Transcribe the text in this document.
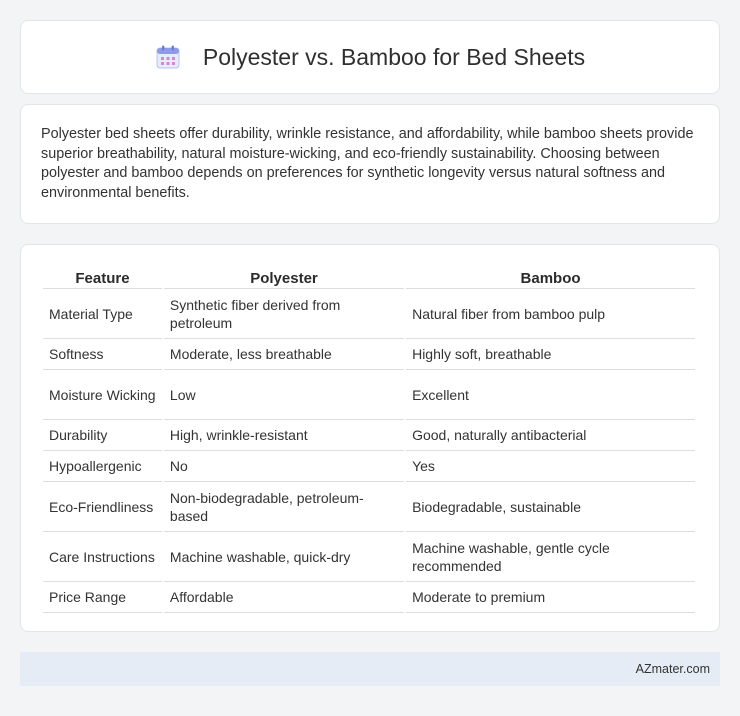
Polyester vs. Bamboo for Bed Sheets

Polyester bed sheets offer durability, wrinkle resistance, and affordability, while bamboo sheets provide superior breathability, natural moisture-wicking, and eco-friendly sustainability. Choosing between polyester and bamboo depends on preferences for synthetic longevity versus natural softness and environmental benefits.

Feature	Polyester	Bamboo
Material Type	Synthetic fiber derived from petroleum	Natural fiber from bamboo pulp
Softness	Moderate, less breathable	Highly soft, breathable
Moisture Wicking	Low	Excellent
Durability	High, wrinkle-resistant	Good, naturally antibacterial
Hypoallergenic	No	Yes
Eco-Friendliness	Non-biodegradable, petroleum-based	Biodegradable, sustainable
Care Instructions	Machine washable, quick-dry	Machine washable, gentle cycle recommended
Price Range	Affordable	Moderate to premium
AZmater.com
